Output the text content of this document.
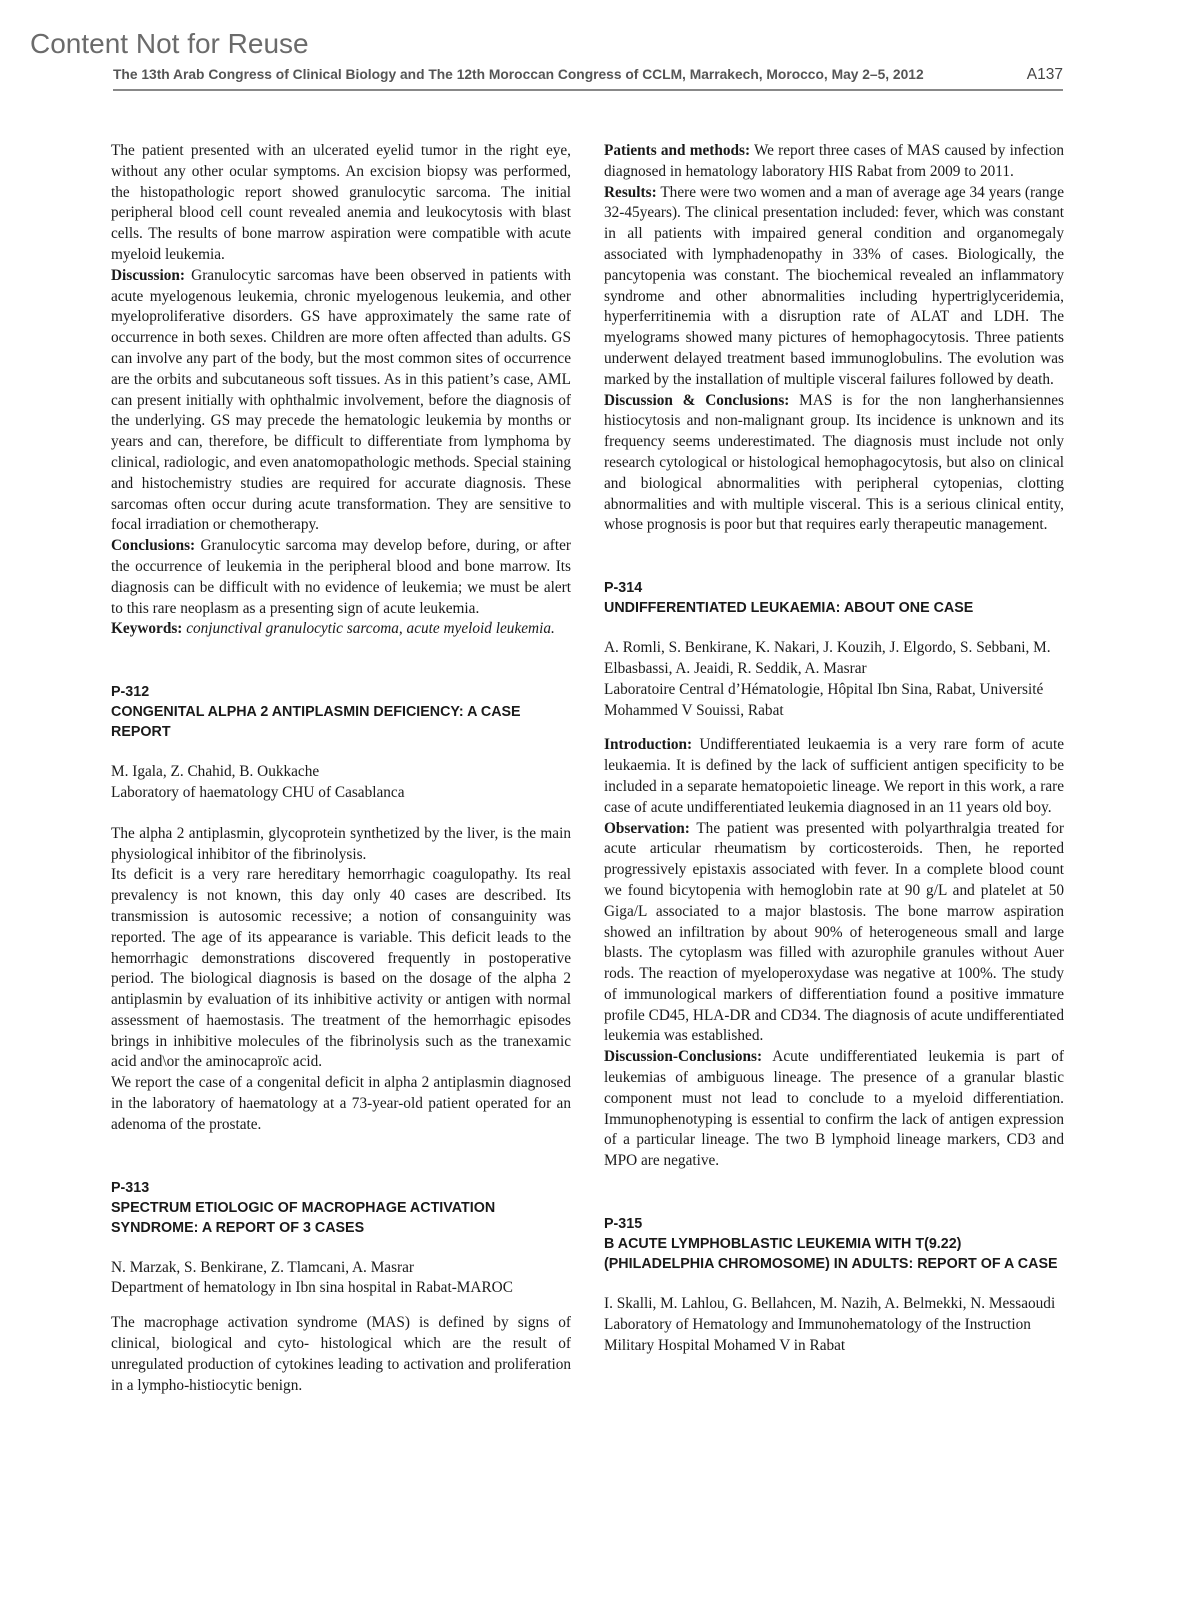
Content Not for Reuse
The 13th Arab Congress of Clinical Biology and The 12th Moroccan Congress of CCLM, Marrakech, Morocco, May 2–5, 2012	A137

The patient presented with an ulcerated eyelid tumor in the right eye, without any other ocular symptoms. An excision biopsy was performed, the histopathologic report showed granulocytic sarcoma. The initial peripheral blood cell count revealed anemia and leukocytosis with blast cells. The results of bone marrow aspiration were compatible with acute myeloid leukemia.

Discussion: Granulocytic sarcomas have been observed in patients with acute myelogenous leukemia, chronic myelogenous leukemia, and other myeloproliferative disorders. GS have approximately the same rate of occurrence in both sexes. Children are more often affected than adults. GS can involve any part of the body, but the most common sites of occurrence are the orbits and subcutaneous soft tissues. As in this patient’s case, AML can present initially with ophthalmic involvement, before the diagnosis of the underlying. GS may precede the hematologic leukemia by months or years and can, therefore, be difficult to differentiate from lymphoma by clinical, radiologic, and even anatomopathologic methods. Special staining and histochemistry studies are required for accurate diagnosis. These sarcomas often occur during acute transformation. They are sensitive to focal irradiation or chemotherapy.

Conclusions: Granulocytic sarcoma may develop before, during, or after the occurrence of leukemia in the peripheral blood and bone marrow. Its diagnosis can be difficult with no evidence of leukemia; we must be alert to this rare neoplasm as a presenting sign of acute leukemia.

Keywords: conjunctival granulocytic sarcoma, acute myeloid leukemia.

P-312

CONGENITAL ALPHA 2 ANTIPLASMIN DEFICIENCY: A CASE REPORT

M. Igala, Z. Chahid, B. Oukkache

Laboratory of haematology CHU of Casablanca

The alpha 2 antiplasmin, glycoprotein synthetized by the liver, is the main physiological inhibitor of the fibrinolysis.

Its deficit is a very rare hereditary hemorrhagic coagulopathy. Its real prevalency is not known, this day only 40 cases are described. Its transmission is autosomic recessive; a notion of consanguinity was reported. The age of its appearance is variable. This deficit leads to the hemorrhagic demonstrations discovered frequently in postoperative period. The biological diagnosis is based on the dosage of the alpha 2 antiplasmin by evaluation of its inhibitive activity or antigen with normal assessment of haemostasis. The treatment of the hemorrhagic episodes brings in inhibitive molecules of the fibrinolysis such as the tranexamic acid and\or the aminocaproïc acid.

We report the case of a congenital deficit in alpha 2 antiplasmin diagnosed in the laboratory of haematology at a 73-year-old patient operated for an adenoma of the prostate.

P-313

SPECTRUM ETIOLOGIC OF MACROPHAGE ACTIVATION SYNDROME: A REPORT OF 3 CASES

N. Marzak, S. Benkirane, Z. Tlamcani, A. Masrar

Department of hematology in Ibn sina hospital in Rabat-MAROC

The macrophage activation syndrome (MAS) is defined by signs of clinical, biological and cyto- histological which are the result of unregulated production of cytokines leading to activation and proliferation in a lympho-histiocytic benign.

Patients and methods: We report three cases of MAS caused by infection diagnosed in hematology laboratory HIS Rabat from 2009 to 2011.

Results: There were two women and a man of average age 34 years (range 32-45years). The clinical presentation included: fever, which was constant in all patients with impaired general condition and organomegaly associated with lymphadenopathy in 33% of cases. Biologically, the pancytopenia was constant. The biochemical revealed an inflammatory syndrome and other abnormalities including hypertriglyceridemia, hyperferritinemia with a disruption rate of ALAT and LDH. The myelograms showed many pictures of hemophagocytosis. Three patients underwent delayed treatment based immunoglobulins. The evolution was marked by the installation of multiple visceral failures followed by death.

Discussion & Conclusions: MAS is for the non langherhansiennes histiocytosis and non-malignant group. Its incidence is unknown and its frequency seems underestimated. The diagnosis must include not only research cytological or histological hemophagocytosis, but also on clinical and biological abnormalities with peripheral cytopenias, clotting abnormalities and with multiple visceral. This is a serious clinical entity, whose prognosis is poor but that requires early therapeutic management.

P-314

UNDIFFERENTIATED LEUKAEMIA: ABOUT ONE CASE

A. Romli, S. Benkirane, K. Nakari, J. Kouzih, J. Elgordo, S. Sebbani, M. Elbasbassi, A. Jeaidi, R. Seddik, A. Masrar

Laboratoire Central d’Hématologie, Hôpital Ibn Sina, Rabat, Université Mohammed V Souissi, Rabat

Introduction: Undifferentiated leukaemia is a very rare form of acute leukaemia. It is defined by the lack of sufficient antigen specificity to be included in a separate hematopoietic lineage. We report in this work, a rare case of acute undifferentiated leukemia diagnosed in an 11 years old boy.

Observation: The patient was presented with polyarthralgia treated for acute articular rheumatism by corticosteroids. Then, he reported progressively epistaxis associated with fever. In a complete blood count we found bicytopenia with hemoglobin rate at 90 g/L and platelet at 50 Giga/L associated to a major blastosis. The bone marrow aspiration showed an infiltration by about 90% of heterogeneous small and large blasts. The cytoplasm was filled with azurophile granules without Auer rods. The reaction of myeloperoxydase was negative at 100%. The study of immunological markers of differentiation found a positive immature profile CD45, HLA-DR and CD34. The diagnosis of acute undifferentiated leukemia was established.

Discussion-Conclusions: Acute undifferentiated leukemia is part of leukemias of ambiguous lineage. The presence of a granular blastic component must not lead to conclude to a myeloid differentiation. Immunophenotyping is essential to confirm the lack of antigen expression of a particular lineage. The two B lymphoid lineage markers, CD3 and MPO are negative.

P-315

B ACUTE LYMPHOBLASTIC LEUKEMIA WITH T(9.22) (PHILADELPHIA CHROMOSOME) IN ADULTS: REPORT OF A CASE

I. Skalli, M. Lahlou, G. Bellahcen, M. Nazih, A. Belmekki, N. Messaoudi

Laboratory of Hematology and Immunohematology of the Instruction Military Hospital Mohamed V in Rabat
